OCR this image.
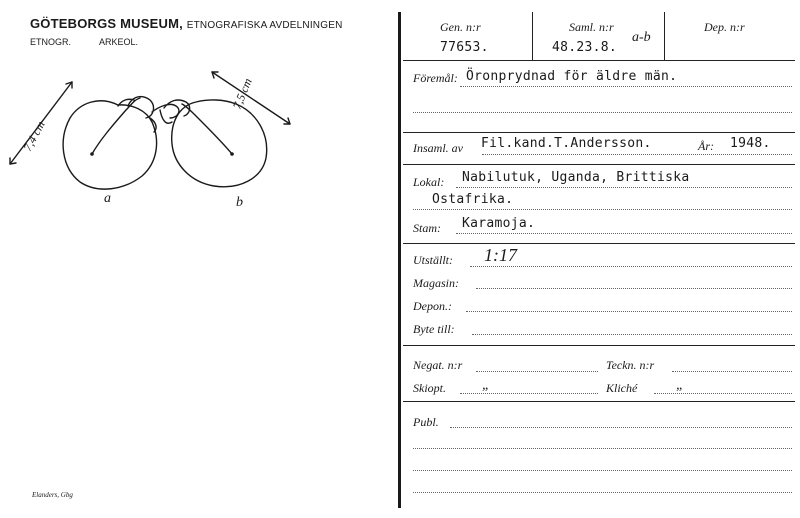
GÖTEBORGS MUSEUM, ETNOGRAFISKA AVDELNINGEN
ETNOGR.	ARKEOL.
a	b
7,4 cm
7,5 cm
Elanders, Gbg
Gen. n:r
77653.
Saml. n:r
48.23.8.
a-b
Dep. n:r
Föremål: Öronprydnad för äldre män.
Insaml. av Fil.kand.T.Andersson.	År: 1948.
Lokal: Nabilutuk, Uganda, Brittiska
Ostafrika.
Stam: Karamoja.
Utställt: 1:17
Magasin:
Depon.:
Byte till:
Negat. n:r	Teckn. n:r
Skiopt.	„	Kliché	„
Publ.
